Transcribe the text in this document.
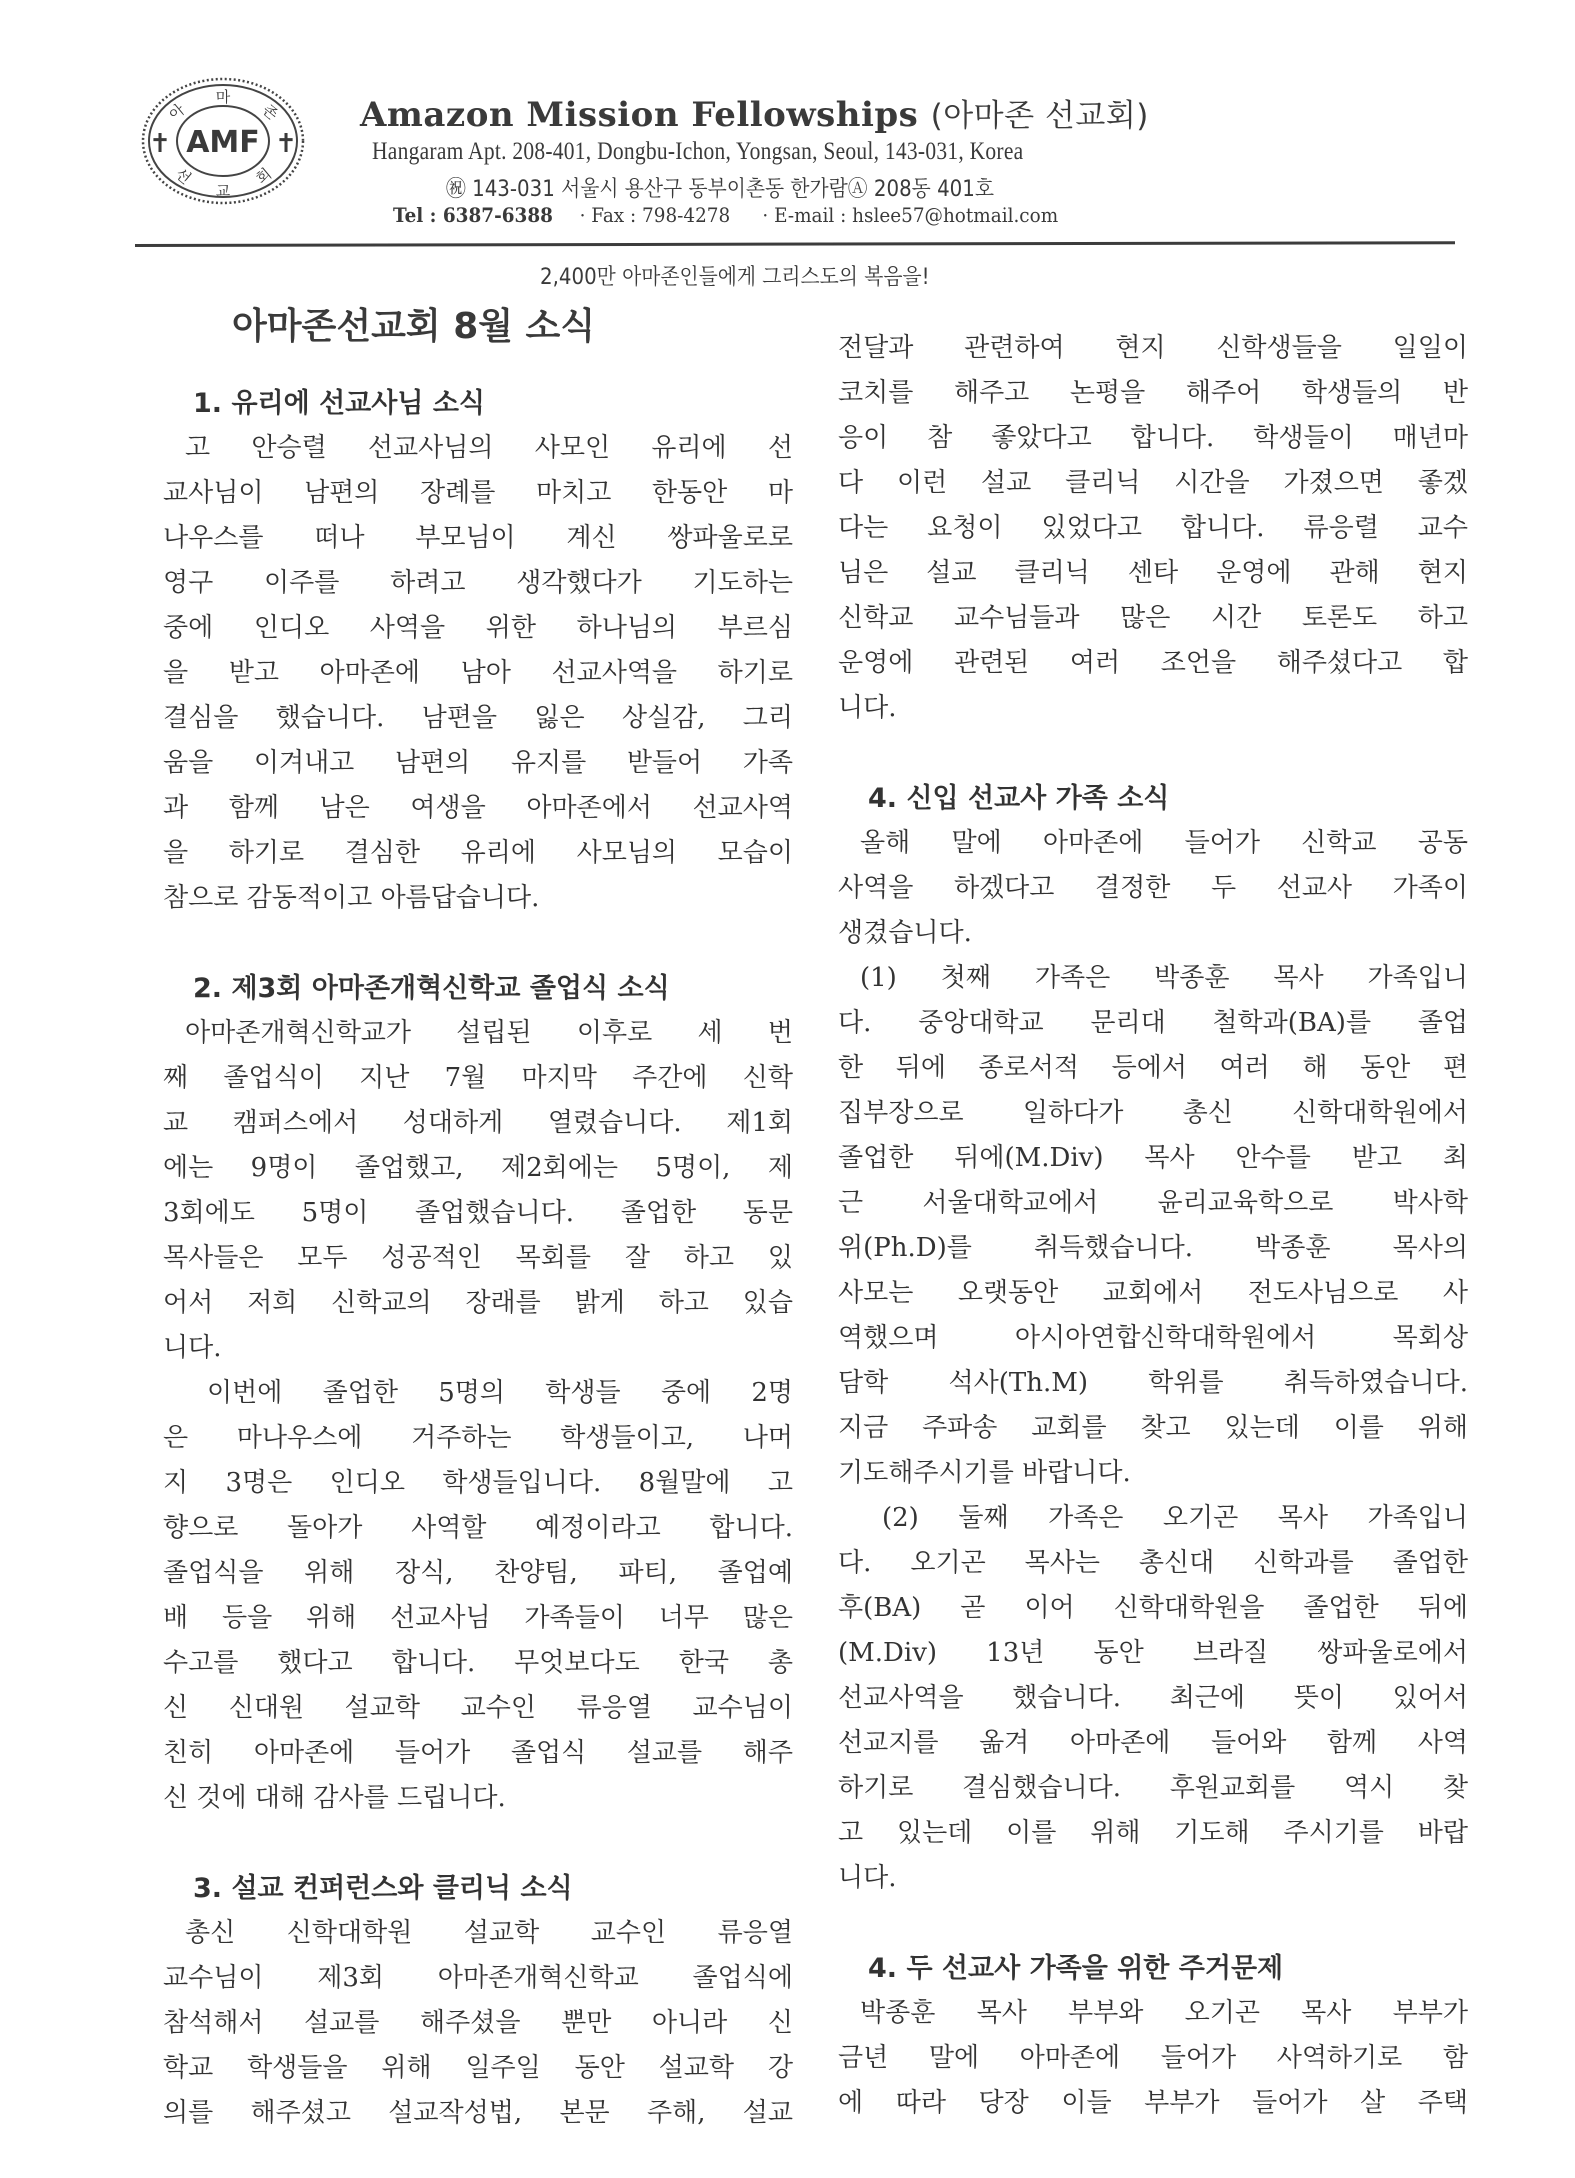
AMF
✝	✝
마
아	존
선
교
회
Amazon Mission Fellowships (아마존 선교회)
Hangaram Apt. 208-401, Dongbu-Ichon, Yongsan, Seoul, 143-031, Korea
㊗ 143-031 서울시 용산구 동부이촌동 한가람Ⓐ 208동 401호
Tel : 6387-6388 · Fax : 798-4278 · E-mail : hslee57@hotmail.com
2,400만 아마존인들에게 그리스도의 복음을!
아마존선교회 8월 소식
1. 유리에 선교사님 소식
고 안승렬 선교사님의 사모인 유리에 선
교사님이 남편의 장례를 마치고 한동안 마
나우스를 떠나 부모님이 계신 쌍파울로로
영구 이주를 하려고 생각했다가 기도하는
중에 인디오 사역을 위한 하나님의 부르심
을 받고 아마존에 남아 선교사역을 하기로
결심을 했습니다. 남편을 잃은 상실감, 그리
움을 이겨내고 남편의 유지를 받들어 가족
과 함께 남은 여생을 아마존에서 선교사역
을 하기로 결심한 유리에 사모님의 모습이
참으로 감동적이고 아름답습니다.
2. 제3회 아마존개혁신학교 졸업식 소식
아마존개혁신학교가 설립된 이후로 세 번
째 졸업식이 지난 7월 마지막 주간에 신학
교 캠퍼스에서 성대하게 열렸습니다. 제1회
에는 9명이 졸업했고, 제2회에는 5명이, 제
3회에도 5명이 졸업했습니다. 졸업한 동문
목사들은 모두 성공적인 목회를 잘 하고 있
어서 저희 신학교의 장래를 밝게 하고 있습
니다.
이번에 졸업한 5명의 학생들 중에 2명
은 마나우스에 거주하는 학생들이고, 나머
지 3명은 인디오 학생들입니다. 8월말에 고
향으로 돌아가 사역할 예정이라고 합니다.
졸업식을 위해 장식, 찬양팀, 파티, 졸업예
배 등을 위해 선교사님 가족들이 너무 많은
수고를 했다고 합니다. 무엇보다도 한국 총
신 신대원 설교학 교수인 류응열 교수님이
친히 아마존에 들어가 졸업식 설교를 해주
신 것에 대해 감사를 드립니다.
3. 설교 컨퍼런스와 클리닉 소식
총신 신학대학원 설교학 교수인 류응열
교수님이 제3회 아마존개혁신학교 졸업식에
참석해서 설교를 해주셨을 뿐만 아니라 신
학교 학생들을 위해 일주일 동안 설교학 강
의를 해주셨고 설교작성법, 본문 주해, 설교
전달과 관련하여 현지 신학생들을 일일이
코치를 해주고 논평을 해주어 학생들의 반
응이 참 좋았다고 합니다. 학생들이 매년마
다 이런 설교 클리닉 시간을 가졌으면 좋겠
다는 요청이 있었다고 합니다. 류응렬 교수
님은 설교 클리닉 센타 운영에 관해 현지
신학교 교수님들과 많은 시간 토론도 하고
운영에 관련된 여러 조언을 해주셨다고 합
니다.
4. 신입 선교사 가족 소식
올해 말에 아마존에 들어가 신학교 공동
사역을 하겠다고 결정한 두 선교사 가족이
생겼습니다.
(1) 첫째 가족은 박종훈 목사 가족입니
다. 중앙대학교 문리대 철학과(BA)를 졸업
한 뒤에 종로서적 등에서 여러 해 동안 편
집부장으로 일하다가 총신 신학대학원에서
졸업한 뒤에(M.Div) 목사 안수를 받고 최
근 서울대학교에서 윤리교육학으로 박사학
위(Ph.D)를 취득했습니다. 박종훈 목사의
사모는 오랫동안 교회에서 전도사님으로 사
역했으며 아시아연합신학대학원에서 목회상
담학 석사(Th.M) 학위를 취득하였습니다.
지금 주파송 교회를 찾고 있는데 이를 위해
기도해주시기를 바랍니다.
(2) 둘째 가족은 오기곤 목사 가족입니
다. 오기곤 목사는 총신대 신학과를 졸업한
후(BA) 곧 이어 신학대학원을 졸업한 뒤에
(M.Div) 13년 동안 브라질 쌍파울로에서
선교사역을 했습니다. 최근에 뜻이 있어서
선교지를 옮겨 아마존에 들어와 함께 사역
하기로 결심했습니다. 후원교회를 역시 찾
고 있는데 이를 위해 기도해 주시기를 바랍
니다.
4. 두 선교사 가족을 위한 주거문제
박종훈 목사 부부와 오기곤 목사 부부가
금년 말에 아마존에 들어가 사역하기로 함
에 따라 당장 이들 부부가 들어가 살 주택
